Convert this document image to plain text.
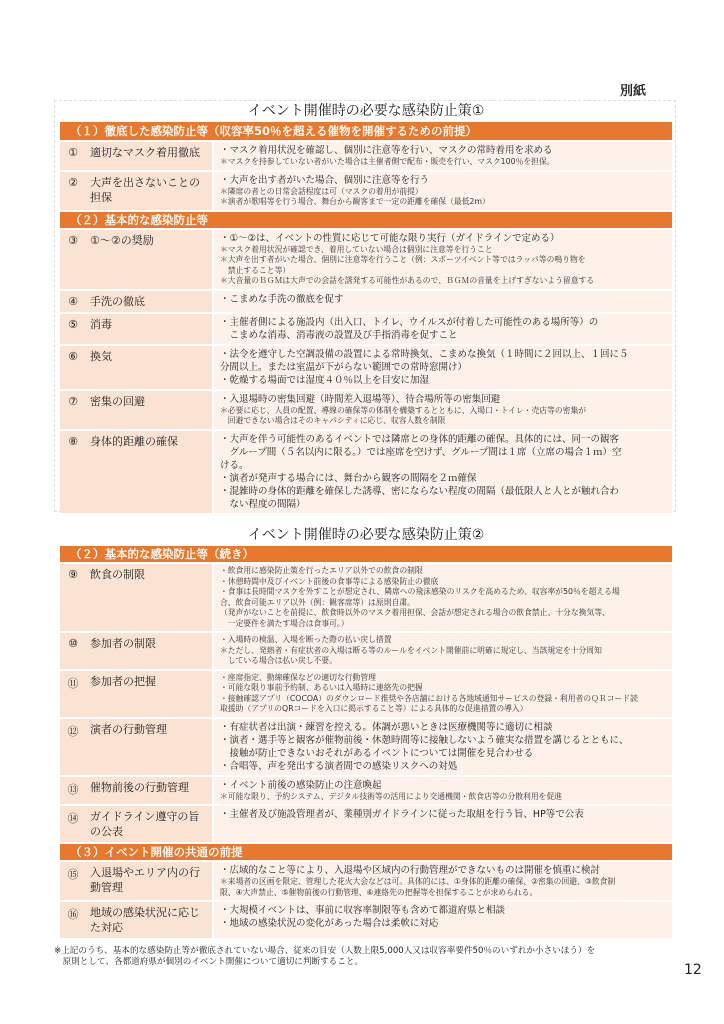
別紙
イベント開催時の必要な感染防止策①
（１）徹底した感染防止等（収容率50％を超える催物を開催するための前提）
①	適切なマスク着用徹底	・マスク着用状況を確認し、個別に注意等を行い、マスクの常時着用を求める
＊マスクを持参していない者がいた場合は主催者側で配布・販売を行い、マスク100％を担保。
②	大声を出さないことの担保
・大声を出す者がいた場合、個別に注意等を行う
＊隣席の者との日常会話程度は可（マスクの着用が前提）
＊演者が歌唱等を行う場合、舞台から観客まで一定の距離を確保（最低2m）
（２）基本的な感染防止等
③	①～②の奨励	・①～②は、イベントの性質に応じて可能な限り実行（ガイドラインで定める）
＊マスク着用状況が確認でき、着用していない場合は個別に注意等を行うこと
＊大声を出す者がいた場合、個別に注意等を行うこと（例：スポーツイベント等ではラッパ等の鳴り物を
　禁止すること等）
＊大音量のＢＧＭは大声での会話を誘発する可能性があるので、ＢＧＭの音量を上げすぎないよう留意する
④	手洗の徹底	・こまめな手洗の徹底を促す
⑤	消毒	・主催者側による施設内（出入口、トイレ、ウイルスが付着した可能性のある場所等）の
　こまめな消毒、消毒液の設置及び手指消毒を促すこと
⑥	換気	・法令を遵守した空調設備の設置による常時換気、こまめな換気（１時間に２回以上、１回に５
分間以上。または室温が下がらない範囲での常時窓開け）
・乾燥する場面では湿度４０％以上を目安に加湿
⑦	密集の回避	・入退場時の密集回避（時間差入退場等）、待合場所等の密集回避
＊必要に応じ、人員の配置、導線の確保等の体制を構築するとともに、入場口・トイレ・売店等の密集が
　回避できない場合はそのキャパシティに応じ、収容人数を制限
⑧	身体的距離の確保	・大声を伴う可能性のあるイベントでは隣席との身体的距離の確保。具体的には、同一の観客
　グループ間（５名以内に限る。）では座席を空けず、グループ間は１席（立席の場合１ｍ）空
ける。
・演者が発声する場合には、舞台から観客の間隔を２ｍ確保
・混雑時の身体的距離を確保した誘導、密にならない程度の間隔（最低限人と人とが触れ合わ
　ない程度の間隔）
イベント開催時の必要な感染防止策②
（２）基本的な感染防止等（続き）
⑨	飲食の制限	・飲食用に感染防止策を行ったエリア以外での飲食の制限
・休憩時間中及びイベント前後の食事等による感染防止の徹底
・食事は長時間マスクを外すことが想定され、隣席への飛沫感染のリスクを高めるため、収容率が50％を超える場
合、飲食可能エリア以外（例：観客席等）は原則自粛。
（発声がないことを前提に、飲食時以外のマスク着用担保、会話が想定される場合の飲食禁止、十分な換気等、
　一定要件を満たす場合は食事可。）
⑩	参加者の制限	・入場時の検温、入場を断った際の払い戻し措置
＊ただし、発熱者・有症状者の入場は断る等のルールをイベント開催前に明確に規定し、当該規定を十分周知
　している場合は払い戻し不要。
⑪	参加者の把握	・座席指定、動線確保などの適切な行動管理
・可能な限り事前予約制、あるいは入場時に連絡先の把握
・接触確認アプリ（COCOA）のダウンロード推奨や各店舗における各地域通知サービスの登録・利用者のＱＲコード読
取援助（アプリのQRコードを入口に掲示すること等）による具体的な促進措置の導入）
⑫	演者の行動管理	・有症状者は出演・練習を控える。体調が悪いときは医療機関等に適切に相談
・演者・選手等と観客が催物前後・休憩時間等に接触しないよう確実な措置を講じるとともに、
　接触が防止できないおそれがあるイベントについては開催を見合わせる
・合唱等、声を発出する演者間での感染リスクへの対処
⑬	催物前後の行動管理	・イベント前後の感染防止の注意喚起
＊可能な限り、予約システム、デジタル技術等の活用により交通機関・飲食店等の分散利用を促進
⑭	ガイドライン遵守の旨の公表
・主催者及び施設管理者が、業種別ガイドラインに従った取組を行う旨、HP等で公表
（３）イベント開催の共通の前提
⑮	入退場やエリア内の行動管理
・広域的なこと等により、入退場や区域内の行動管理ができないものは開催を慎重に検討
＊来場者の区画を限定、管理した花火大会などは可。具体的には、①身体的距離の確保、②密集の回避、③飲食制
限、④大声禁止、⑤催物前後の行動管理、⑥連絡先の把握等を担保することが求められる。
⑯	地域の感染状況に応じた対応
・大規模イベントは、事前に収容率制限等も含めて都道府県と相談
・地域の感染状況の変化があった場合は柔軟に対応
※上記のうち、基本的な感染防止等が徹底されていない場合、従来の目安（人数上限5,000人又は収容率要件50％のいずれか小さいほう）を
　原則として、各都道府県が個別のイベント開催について適切に判断すること。	12
